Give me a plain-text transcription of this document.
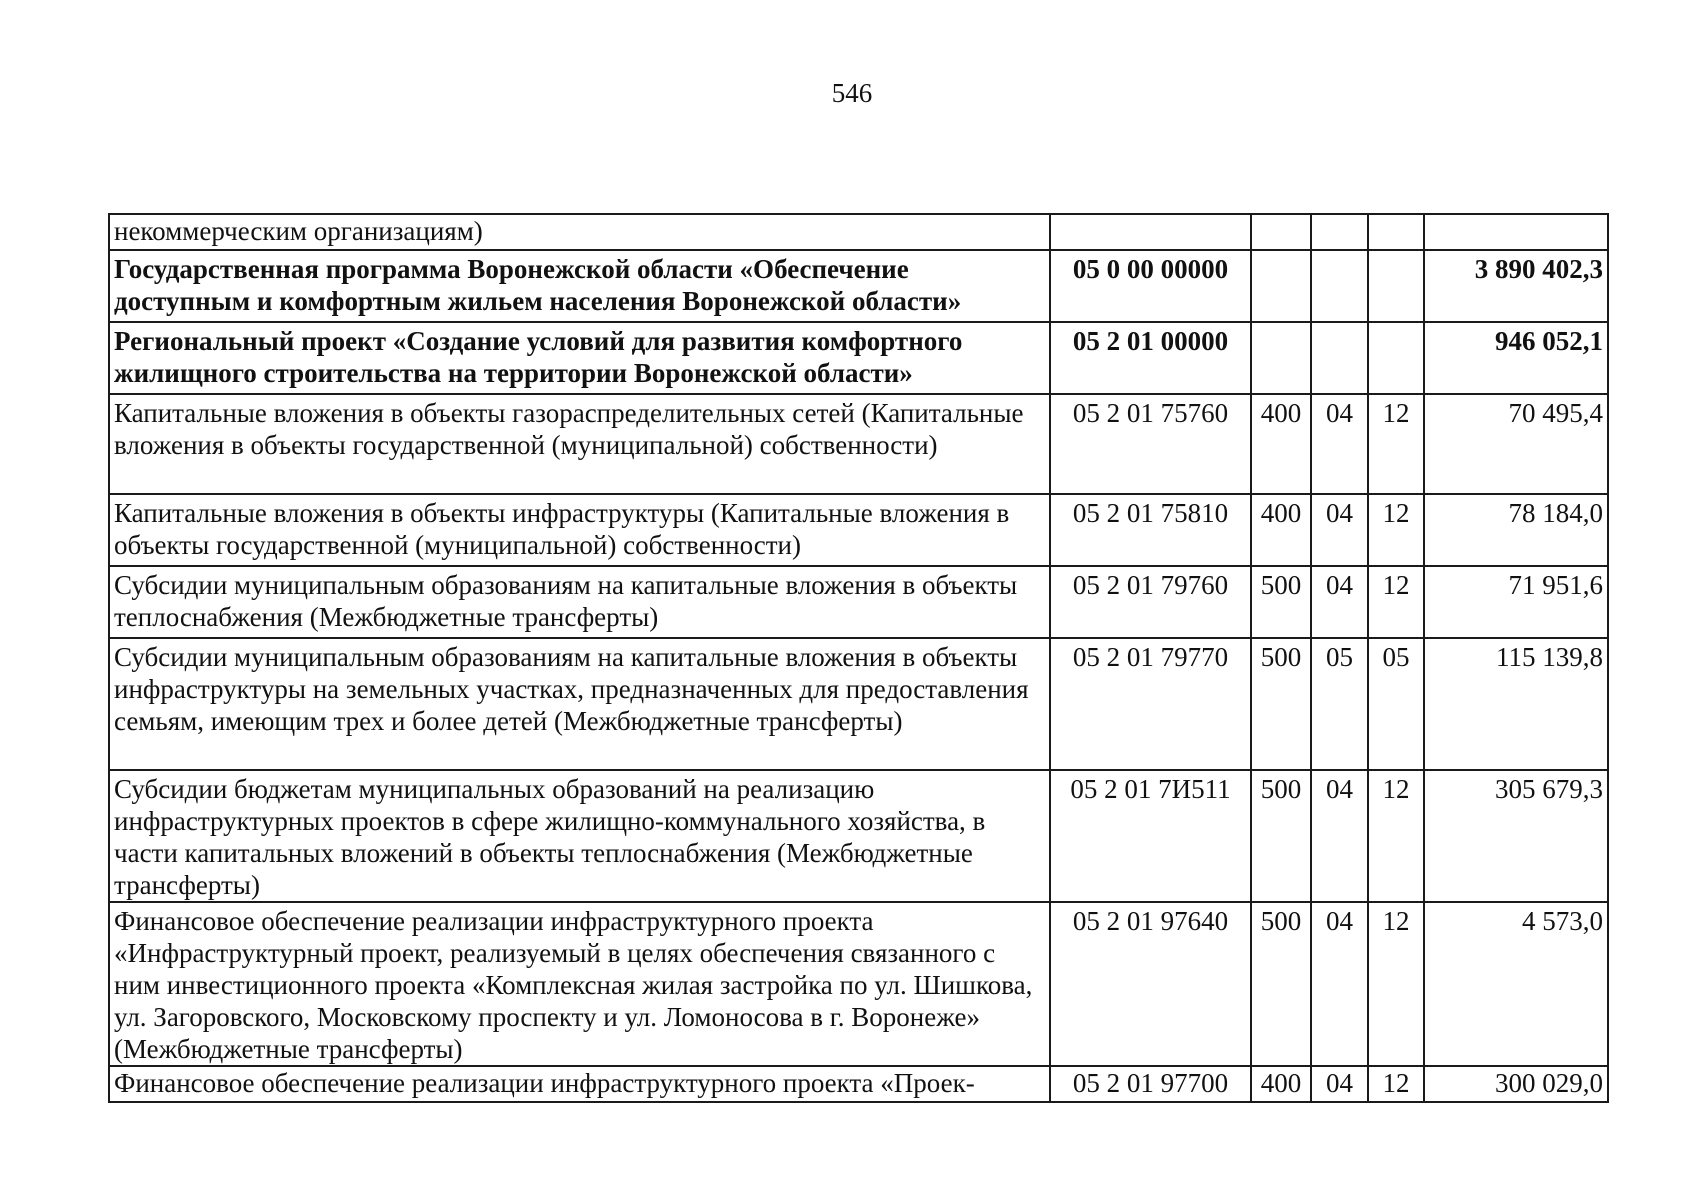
546
некоммерческим организациям)					
Государственная программа Воронежской области «Обеспечение доступным и комфортным жильем населения Воронежской области»	05 0 00 00000				3 890 402,3
Региональный проект «Создание условий для развития комфортного жилищного строительства на территории Воронежской области»	05 2 01 00000				946 052,1
Капитальные вложения в объекты газораспределительных сетей (Капитальные вложения в объекты государственной (муниципальной) собственности)	05 2 01 75760	400	04	12	70 495,4
Капитальные вложения в объекты инфраструктуры (Капитальные вложения в объекты государственной (муниципальной) собственности)	05 2 01 75810	400	04	12	78 184,0
Субсидии муниципальным образованиям на капитальные вложения в объекты теплоснабжения (Межбюджетные трансферты)	05 2 01 79760	500	04	12	71 951,6
Субсидии муниципальным образованиям на капитальные вложения в объекты инфраструктуры на земельных участках, предназначенных для предоставления семьям, имеющим трех и более детей (Межбюджетные трансферты)	05 2 01 79770	500	05	05	115 139,8
Субсидии бюджетам муниципальных образований на реализацию инфраструктурных проектов в сфере жилищно-коммунального хозяйства, в части капитальных вложений в объекты теплоснабжения (Межбюджетные трансферты)	05 2 01 7И511	500	04	12	305 679,3
Финансовое обеспечение реализации инфраструктурного проекта «Инфраструктурный проект, реализуемый в целях обеспечения связанного с ним инвестиционного проекта «Комплексная жилая застройка по ул. Шишкова, ул. Загоровского, Московскому проспекту и ул. Ломоносова в г. Воронеже» (Межбюджетные трансферты)	05 2 01 97640	500	04	12	4 573,0
Финансовое обеспечение реализации инфраструктурного проекта «Проек-	05 2 01 97700	400	04	12	300 029,0
